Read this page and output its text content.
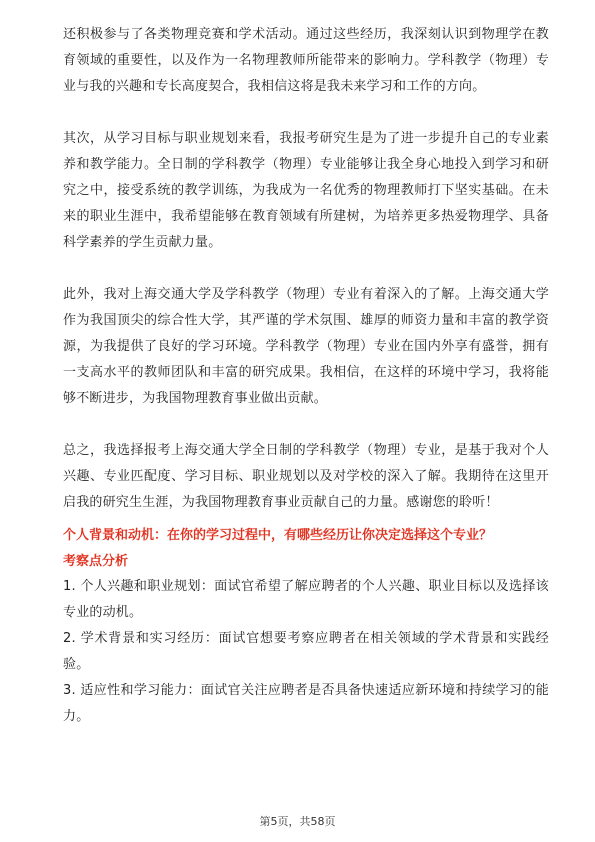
还积极参与了各类物理竞赛和学术活动。通过这些经历，我深刻认识到物理学在教育领域的重要性，以及作为一名物理教师所能带来的影响力。学科教学（物理）专业与我的兴趣和专长高度契合，我相信这将是我未来学习和工作的方向。

其次，从学习目标与职业规划来看，我报考研究生是为了进一步提升自己的专业素养和教学能力。全日制的学科教学（物理）专业能够让我全身心地投入到学习和研究之中，接受系统的教学训练，为我成为一名优秀的物理教师打下坚实基础。在未来的职业生涯中，我希望能够在教育领域有所建树，为培养更多热爱物理学、具备科学素养的学生贡献力量。

此外，我对上海交通大学及学科教学（物理）专业有着深入的了解。上海交通大学作为我国顶尖的综合性大学，其严谨的学术氛围、雄厚的师资力量和丰富的教学资源，为我提供了良好的学习环境。学科教学（物理）专业在国内外享有盛誉，拥有一支高水平的教师团队和丰富的研究成果。我相信，在这样的环境中学习，我将能够不断进步，为我国物理教育事业做出贡献。

总之，我选择报考上海交通大学全日制的学科教学（物理）专业，是基于我对个人兴趣、专业匹配度、学习目标、职业规划以及对学校的深入了解。我期待在这里开启我的研究生生涯，为我国物理教育事业贡献自己的力量。感谢您的聆听！

个人背景和动机：在你的学习过程中，有哪些经历让你决定选择这个专业？

考察点分析

1. 个人兴趣和职业规划：面试官希望了解应聘者的个人兴趣、职业目标以及选择该专业的动机。

2. 学术背景和实习经历：面试官想要考察应聘者在相关领域的学术背景和实践经验。

3. 适应性和学习能力：面试官关注应聘者是否具备快速适应新环境和持续学习的能力。

第5页，共58页
